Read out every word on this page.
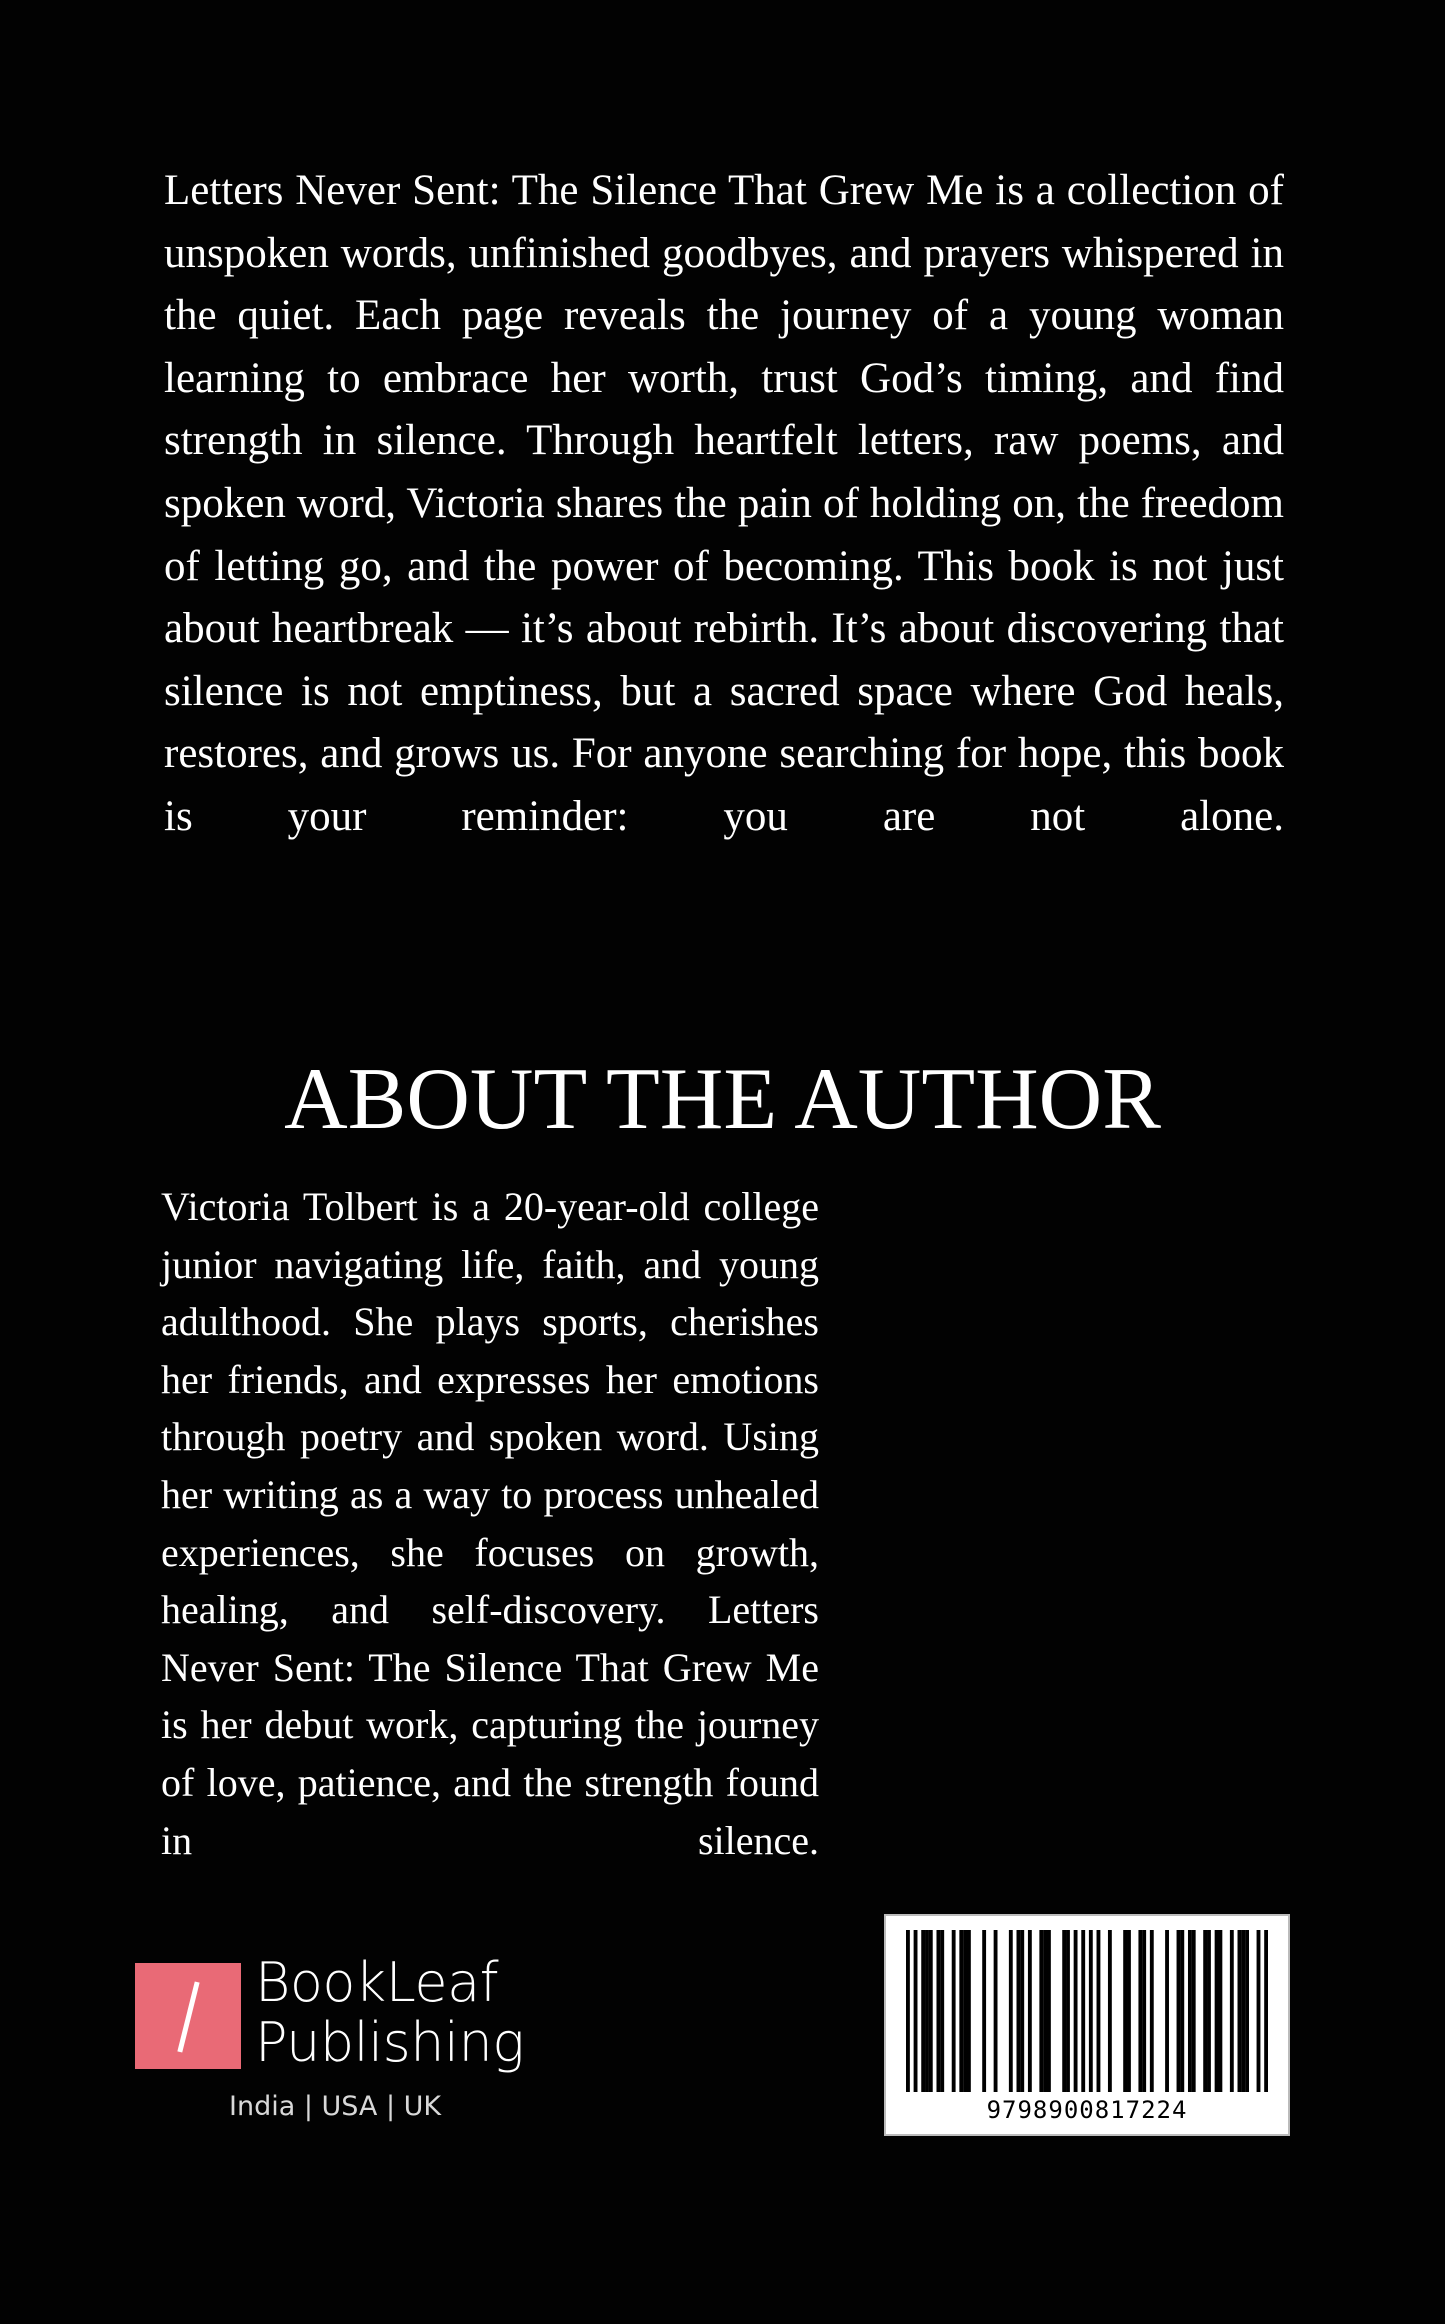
Letters Never Sent: The Silence That Grew Me is a collection of unspoken words, unfinished goodbyes, and prayers whispered in the quiet. Each page reveals the journey of a young woman learning to embrace her worth, trust God’s timing, and find strength in silence. Through heartfelt letters, raw poems, and spoken word, Victoria shares the pain of holding on, the freedom of letting go, and the power of becoming. This book is not just about heartbreak — it’s about rebirth. It’s about discovering that silence is not emptiness, but a sacred space where God heals, restores, and grows us. For anyone searching for hope, this book is your reminder: you are not alone.

ABOUT THE AUTHOR

Victoria Tolbert is a 20-year-old college junior navigating life, faith, and young adulthood. She plays sports, cherishes her friends, and expresses her emotions through poetry and spoken word. Using her writing as a way to process unhealed experiences, she focuses on growth, healing, and self-discovery. Letters Never Sent: The Silence That Grew Me is her debut work, capturing the journey of love, patience, and the strength found in silence.

BookLeaf
Publishing
India | USA | UK	9798900817224
